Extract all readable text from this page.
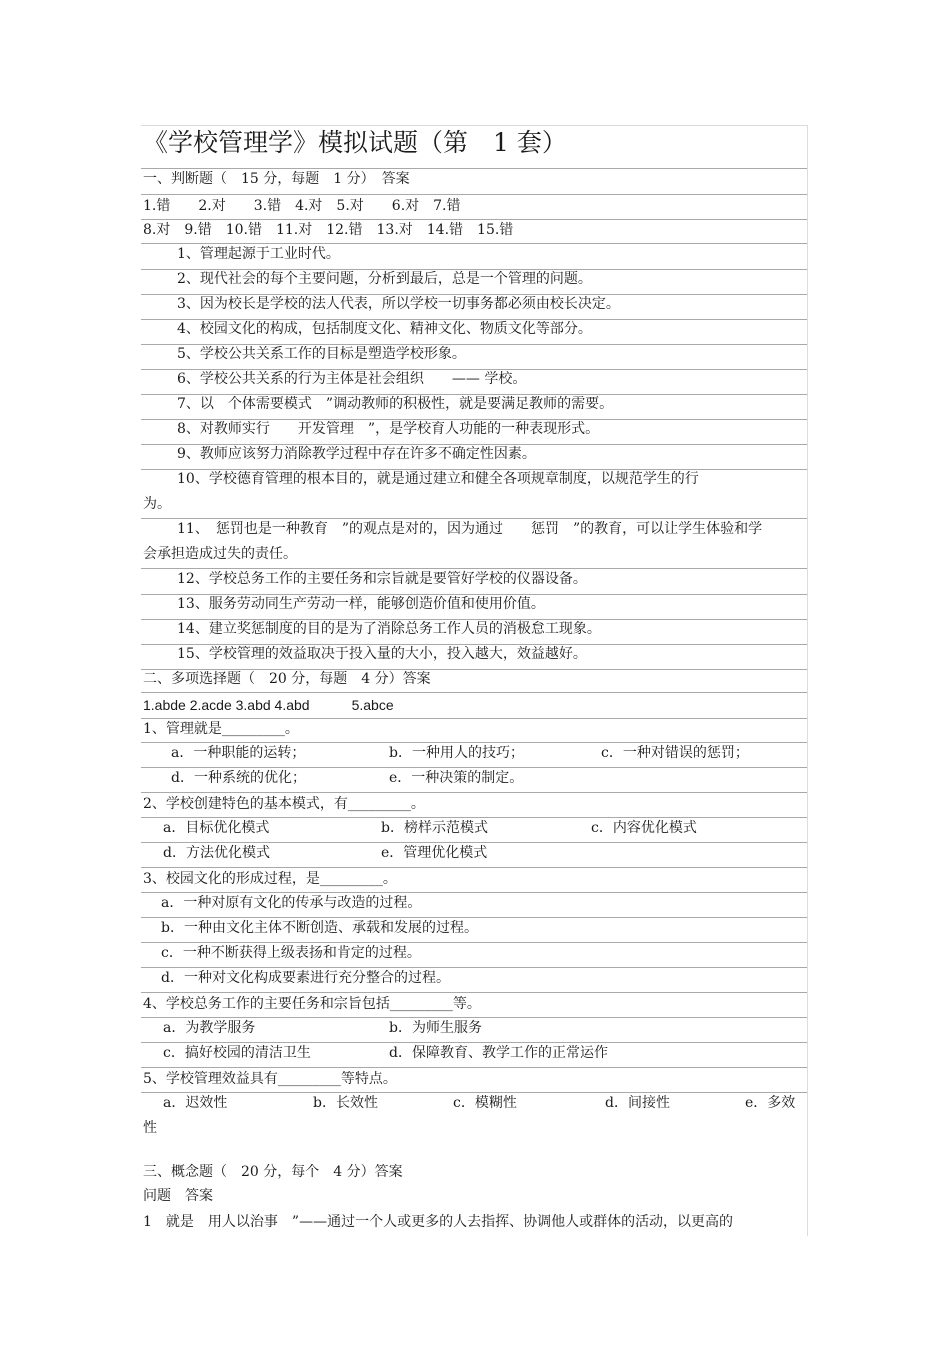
《学校管理学》模拟试题（第　1 套）
一、判断题（　15 分，每题　1 分）　答案
1.错　　2.对　　3.错　4.对　5.对　　6.对　7.错
8.对　9.错　10.错　11.对　12.错　13.对　14.错　15.错
1、管理起源于工业时代。
2、现代社会的每个主要问题，分析到最后，总是一个管理的问题。
3、因为校长是学校的法人代表，所以学校一切事务都必须由校长决定。
4、校园文化的构成，包括制度文化、精神文化、物质文化等部分。
5、学校公共关系工作的目标是塑造学校形象。
6、学校公共关系的行为主体是社会组织　　—— 学校。
7、以　个体需要模式　”调动教师的积极性，就是要满足教师的需要。
8、对教师实行　　开发管理　”，是学校育人功能的一种表现形式。
9、教师应该努力消除教学过程中存在许多不确定性因素。
10、学校德育管理的根本目的，就是通过建立和健全各项规章制度，以规范学生的行
为。
11、　惩罚也是一种教育　”的观点是对的，因为通过　　惩罚　”的教育，可以让学生体验和学
会承担造成过失的责任。
12、学校总务工作的主要任务和宗旨就是要管好学校的仪器设备。
13、服务劳动同生产劳动一样，能够创造价值和使用价值。
14、建立奖惩制度的目的是为了消除总务工作人员的消极怠工现象。
15、学校管理的效益取决于投入量的大小，投入越大，效益越好。
二、多项选择题（　20 分，每题　4 分）答案
1.abde 2.acde 3.abd 4.abd　　　5.abce
1、管理就是_________。
a．一种职能的运转；	b．一种用人的技巧；	c．一种对错误的惩罚；
d．一种系统的优化；	e．一种决策的制定。
2、学校创建特色的基本模式，有_________。
a．目标优化模式	b．榜样示范模式	c．内容优化模式
d．方法优化模式	e．管理优化模式
3、校园文化的形成过程，是_________。
a．一种对原有文化的传承与改造的过程。
b．一种由文化主体不断创造、承载和发展的过程。
c．一种不断获得上级表扬和肯定的过程。
d．一种对文化构成要素进行充分整合的过程。
4、学校总务工作的主要任务和宗旨包括_________等。
a．为教学服务	b．为师生服务
c．搞好校园的清洁卫生	d．保障教育、教学工作的正常运作
5、学校管理效益具有_________等特点。
a．迟效性	b．长效性	c．模糊性	d．间接性	e．多效
性
三、概念题（　20 分，每个　4 分）答案
问题　答案
1　就是　用人以治事　”——通过一个人或更多的人去指挥、协调他人或群体的活动，以更高的
